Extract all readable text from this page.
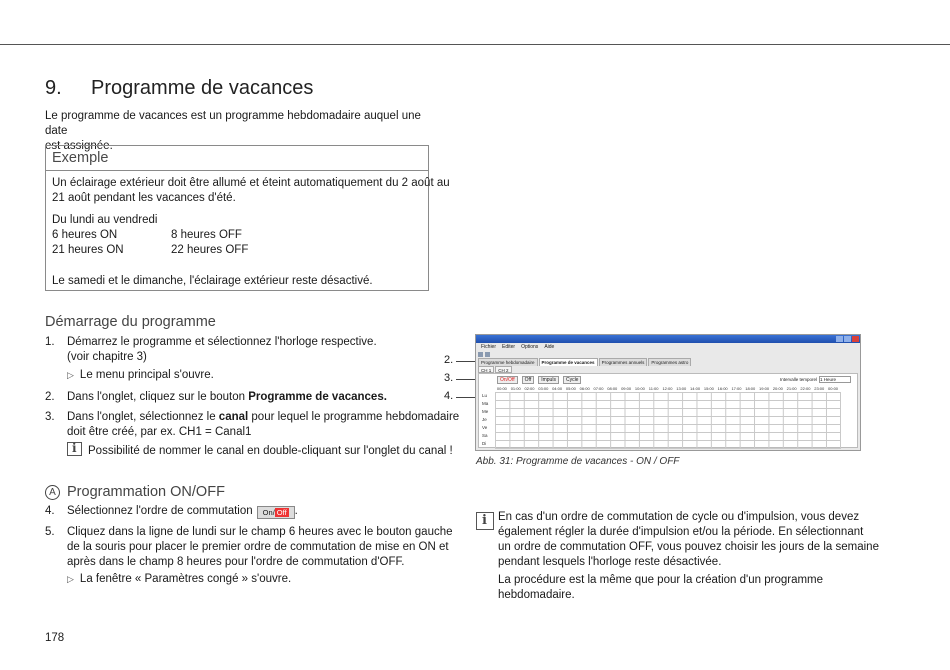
9. Programme de vacances
Le programme de vacances est un programme hebdomadaire auquel une date
est assignée.
Exemple
Un éclairage extérieur doit être allumé et éteint automatiquement du 2 août au
21 août pendant les vacances d'été.
Du lundi au vendredi
6 heures ON	8 heures OFF
21 heures ON	22 heures OFF
Le samedi et le dimanche, l'éclairage extérieur reste désactivé.
Démarrage du programme
1. Démarrez le programme et sélectionnez l'horloge respective.
(voir chapitre 3)
▷ Le menu principal s'ouvre.
2. Dans l'onglet, cliquez sur le bouton Programme de vacances.
3. Dans l'onglet, sélectionnez le canal pour lequel le programme hebdomadaire
doit être créé, par ex. CH1 = Canal1
iPossibilité de nommer le canal en double-cliquant sur l'onglet du canal !
A Programmation ON/OFF
4. Sélectionnez l'ordre de commutation On/ Off .
5. Cliquez dans la ligne de lundi sur le champ 6 heures avec le bouton gauche
de la souris pour placer le premier ordre de commutation de mise en ON et
après dans le champ 8 heures pour l'ordre de commutation d'OFF.
▷ La fenêtre « Paramètres congé » s'ouvre.
2.
3.
4.
Fichier Editer Options Aide
Programme hebdomadaire	Programme de vacances	Programmes annuels	Programmes astro
CH 1	CH 2
On/Off	Off	Impuls	Cycle	Intervalle temporel 1 Heure
00:00 01:00 02:00 03:00 04:00 05:00 06:00 07:00 08:00 09:00 10:00 11:00 12:00 13:00 14:00 15:00 16:00 17:00 18:00 19:00 20:00 21:00 22:00 23:00 00:00
Lu
Ma
Me
Je
Ve
Sa
Di
Abb. 31: Programme de vacances - ON / OFF
i
En cas d'un ordre de commutation de cycle ou d'impulsion, vous devez
également régler la durée d'impulsion et/ou la période. En sélectionnant
un ordre de commutation OFF, vous pouvez choisir les jours de la semaine
pendant lesquels l'horloge reste désactivée.
La procédure est la même que pour la création d'un programme
hebdomadaire.
178
